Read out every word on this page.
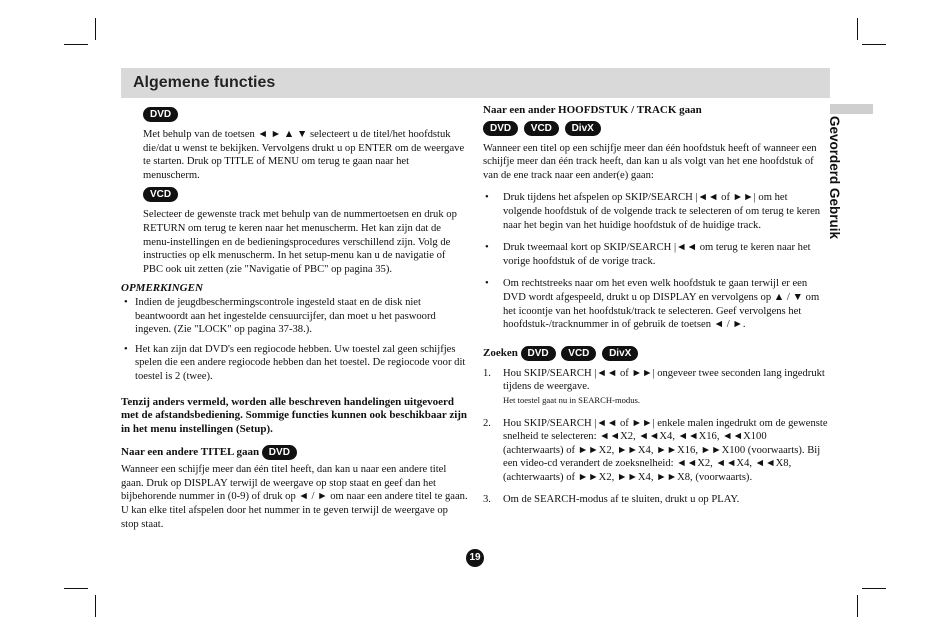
Algemene functies
Gevorderd Gebruik
DVD

Met behulp van de toetsen ◄ ► ▲ ▼ selecteert u de titel/het hoofdstuk die/dat u wenst te bekijken. Vervolgens drukt u op ENTER om de weergave te starten. Druk op TITLE of MENU om terug te gaan naar het menuscherm.

VCD

Selecteer de gewenste track met behulp van de nummertoetsen en druk op RETURN om terug te keren naar het menuscherm. Het kan zijn dat de menu-instellingen en de bedieningsprocedures verschillend zijn. Volg de instructies op elk menuscherm. In het setup-menu kan u de navigatie of PBC ook uit zetten (zie "Navigatie of PBC" op pagina 35).

OPMERKINGEN
• Indien de jeugdbeschermingscontrole ingesteld staat en de disk niet beantwoordt aan het ingestelde censuurcijfer, dan moet u het paswoord ingeven. (Zie "LOCK" op pagina 37-38.).
• Het kan zijn dat DVD's een regiocode hebben. Uw toestel zal geen schijfjes spelen die een andere regiocode hebben dan het toestel. De regiocode voor dit toestel is 2 (twee).

Tenzij anders vermeld, worden alle beschreven handelingen uitgevoerd met de afstandsbediening. Sommige functies kunnen ook beschikbaar zijn in het menu instellingen (Setup).

Naar een andere TITEL gaan DVD

Wanneer een schijfje meer dan één titel heeft, dan kan u naar een andere titel gaan. Druk op DISPLAY terwijl de weergave op stop staat en geef dan het bijbehorende nummer in (0-9) of druk op ◄ / ► om naar een andere titel te gaan.

U kan elke titel afspelen door het nummer in te geven terwijl de weergave op stop staat.

Naar een ander HOOFDSTUK / TRACK gaan
DVD VCD DivX

Wanneer een titel op een schijfje meer dan één hoofdstuk heeft of wanneer een schijfje meer dan één track heeft, dan kan u als volgt van het ene hoofdstuk of van de ene track naar een ander(e) gaan:

• Druk tijdens het afspelen op SKIP/SEARCH |◄◄ of ►►| om het volgende hoofdstuk of de volgende track te selecteren of om terug te keren naar het begin van het huidige hoofdstuk of de huidige track.
• Druk tweemaal kort op SKIP/SEARCH |◄◄ om terug te keren naar het vorige hoofdstuk of de vorige track.
• Om rechtstreeks naar om het even welk hoofdstuk te gaan terwijl er een DVD wordt afgespeeld, drukt u op DISPLAY en vervolgens op ▲ / ▼ om het icoontje van het hoofdstuk/track te selecteren. Geef vervolgens het hoofdstuk-/tracknummer in of gebruik de toetsen ◄ / ►.
Zoeken DVD VCD DivX
1. Hou SKIP/SEARCH |◄◄ of ►►| ongeveer twee seconden lang ingedrukt tijdens de weergave.
Het toestel gaat nu in SEARCH-modus.
2. Hou SKIP/SEARCH |◄◄ of ►►| enkele malen ingedrukt om de gewenste snelheid te selecteren: ◄◄X2, ◄◄X4, ◄◄X16, ◄◄X100 (achterwaarts) of ►►X2, ►►X4, ►►X16, ►►X100 (voorwaarts). Bij een video-cd verandert de zoeksnelheid: ◄◄X2, ◄◄X4, ◄◄X8, (achterwaarts) of ►►X2, ►►X4, ►►X8, (voorwaarts).
3. Om de SEARCH-modus af te sluiten, drukt u op PLAY.
19
